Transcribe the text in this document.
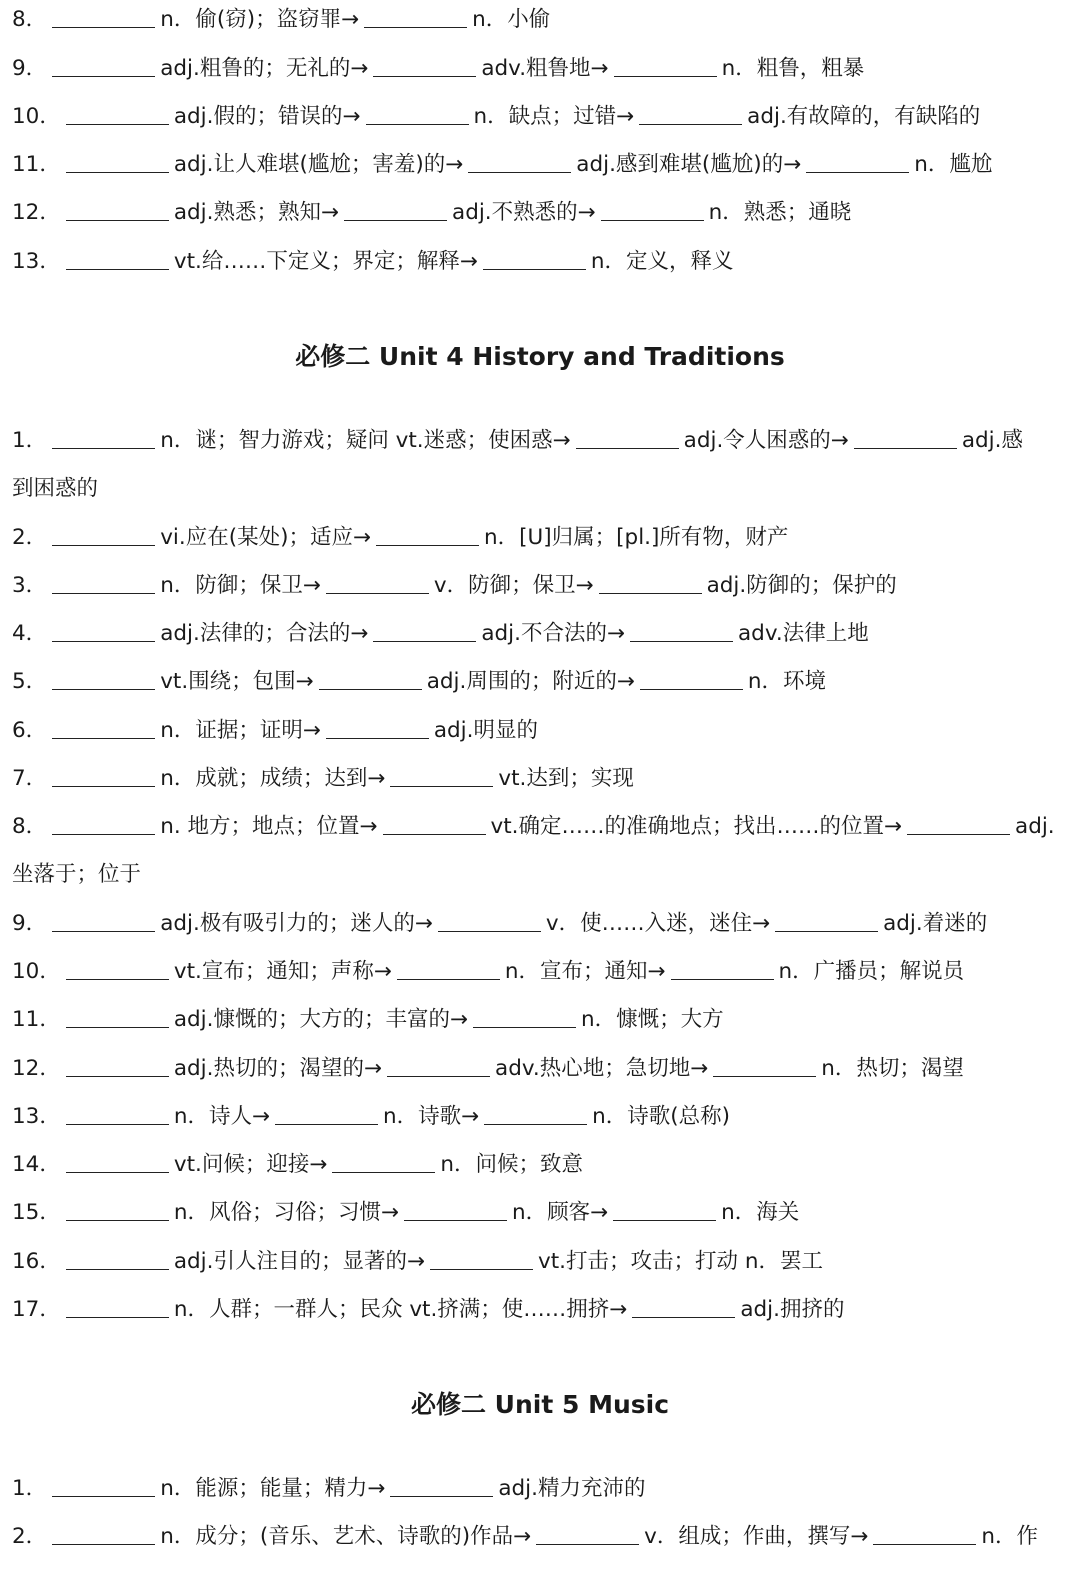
8．	n．偷(窃)；盗窃罪→	n．小偷
9．	adj.粗鲁的；无礼的→	adv.粗鲁地→	n．粗鲁，粗暴
10．	adj.假的；错误的→	n．缺点；过错→	adj.有故障的，有缺陷的
11．	adj.让人难堪(尴尬；害羞)的→	adj.感到难堪(尴尬)的→	n．尴尬
12．	adj.熟悉；熟知→	adj.不熟悉的→	n．熟悉；通晓
13．	vt.给……下定义；界定；解释→	n．定义，释义
必修二 Unit 4 History and Traditions
1．	n．谜；智力游戏；疑问 vt.迷惑；使困惑→	adj.令人困惑的→	adj.感
到困惑的
2．	vi.应在(某处)；适应→	n．[U]归属；[pl.]所有物，财产
3．	n．防御；保卫→	v．防御；保卫→	adj.防御的；保护的
4．	adj.法律的；合法的→	adj.不合法的→	adv.法律上地
5．	vt.围绕；包围→	adj.周围的；附近的→	n．环境
6．	n．证据；证明→	adj.明显的
7．	n．成就；成绩；达到→	vt.达到；实现
8．	n. 地方；地点；位置→	vt.确定……的准确地点；找出……的位置→	adj.
坐落于；位于
9．	adj.极有吸引力的；迷人的→	v．使……入迷，迷住→	adj.着迷的
10．	vt.宣布；通知；声称→	n．宣布；通知→	n．广播员；解说员
11．	adj.慷慨的；大方的；丰富的→	n．慷慨；大方
12．	adj.热切的；渴望的→	adv.热心地；急切地→	n．热切；渴望
13．	n．诗人→	n．诗歌→	n．诗歌(总称)
14．	vt.问候；迎接→	n．问候；致意
15．	n．风俗；习俗；习惯→	n．顾客→	n．海关
16．	adj.引人注目的；显著的→	vt.打击；攻击；打动 n．罢工
17．	n．人群；一群人；民众 vt.挤满；使……拥挤→	adj.拥挤的
必修二 Unit 5 Music
1．	n．能源；能量；精力→	adj.精力充沛的
2．	n．成分；(音乐、艺术、诗歌的)作品→	v．组成；作曲，撰写→	n．作
